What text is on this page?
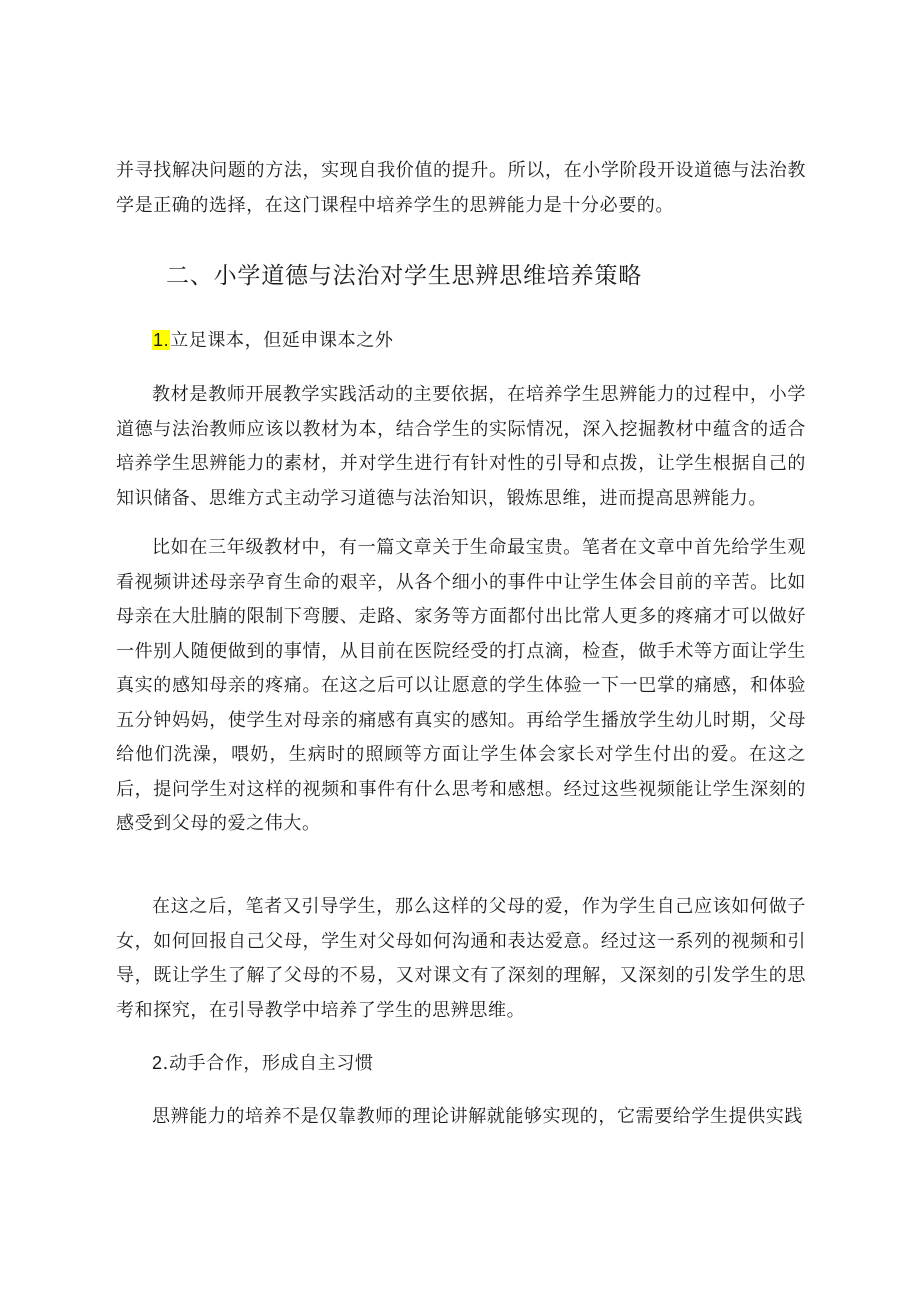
并寻找解决问题的方法，实现自我价值的提升。所以，在小学阶段开设道德与法治教学是正确的选择，在这门课程中培养学生的思辨能力是十分必要的。

二、小学道德与法治对学生思辨思维培养策略
1.立足课本，但延申课本之外

教材是教师开展教学实践活动的主要依据，在培养学生思辨能力的过程中，小学道德与法治教师应该以教材为本，结合学生的实际情况，深入挖掘教材中蕴含的适合培养学生思辨能力的素材，并对学生进行有针对性的引导和点拨，让学生根据自己的知识储备、思维方式主动学习道德与法治知识，锻炼思维，进而提高思辨能力。

比如在三年级教材中，有一篇文章关于生命最宝贵。笔者在文章中首先给学生观看视频讲述母亲孕育生命的艰辛，从各个细小的事件中让学生体会目前的辛苦。比如母亲在大肚腩的限制下弯腰、走路、家务等方面都付出比常人更多的疼痛才可以做好一件别人随便做到的事情，从目前在医院经受的打点滴，检查，做手术等方面让学生真实的感知母亲的疼痛。在这之后可以让愿意的学生体验一下一巴掌的痛感，和体验五分钟妈妈，使学生对母亲的痛感有真实的感知。再给学生播放学生幼儿时期，父母给他们洗澡，喂奶，生病时的照顾等方面让学生体会家长对学生付出的爱。在这之后，提问学生对这样的视频和事件有什么思考和感想。经过这些视频能让学生深刻的感受到父母的爱之伟大。

在这之后，笔者又引导学生，那么这样的父母的爱，作为学生自己应该如何做子女，如何回报自己父母，学生对父母如何沟通和表达爱意。经过这一系列的视频和引导，既让学生了解了父母的不易，又对课文有了深刻的理解，又深刻的引发学生的思考和探究，在引导教学中培养了学生的思辨思维。

2.动手合作，形成自主习惯

思辨能力的培养不是仅靠教师的理论讲解就能够实现的，它需要给学生提供实践
